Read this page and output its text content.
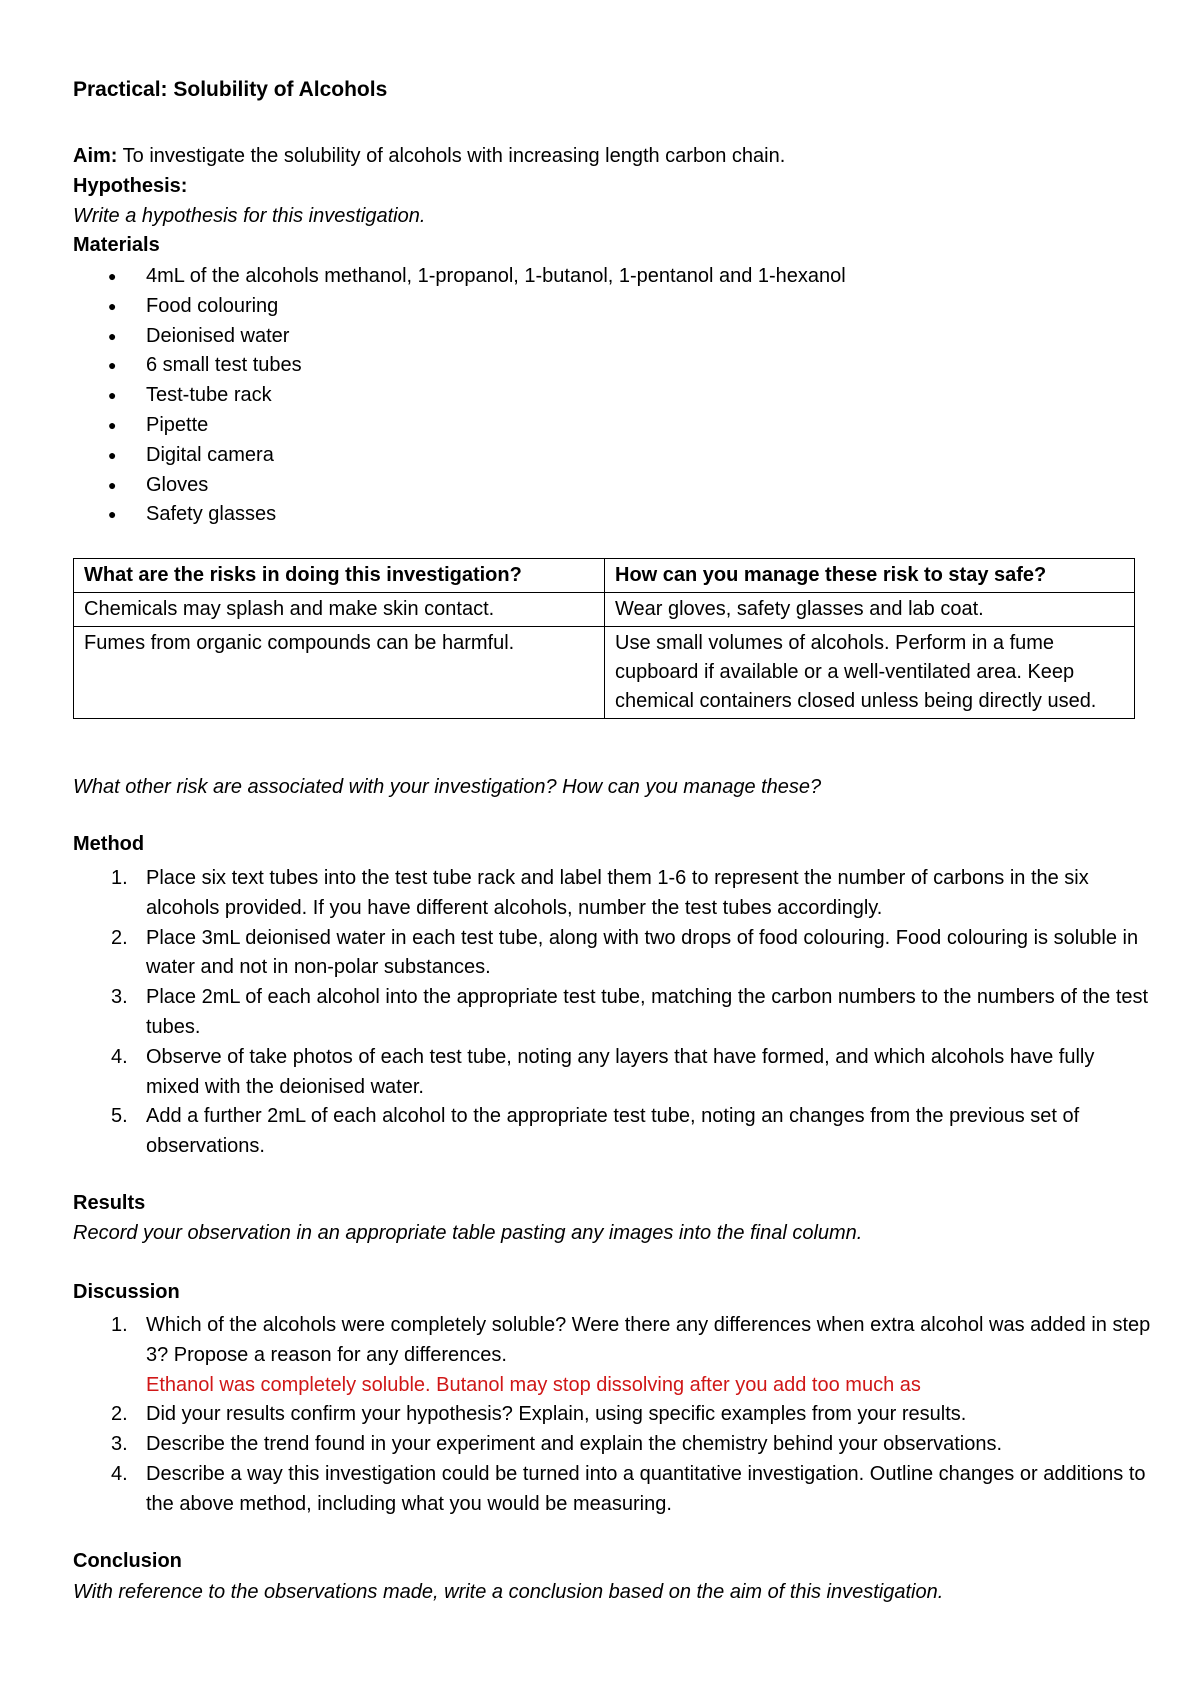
Practical: Solubility of Alcohols

Aim: To investigate the solubility of alcohols with increasing length carbon chain.

Hypothesis:

Write a hypothesis for this investigation.

Materials

● 4mL of the alcohols methanol, 1-propanol, 1-butanol, 1-pentanol and 1-hexanol
● Food colouring
● Deionised water
● 6 small test tubes
● Test-tube rack
● Pipette
● Digital camera
● Gloves
● Safety glasses
What are the risks in doing this investigation?	How can you manage these risk to stay safe?
Chemicals may splash and make skin contact.	Wear gloves, safety glasses and lab coat.
Fumes from organic compounds can be harmful.	Use small volumes of alcohols. Perform in a fume cupboard if available or a well-ventilated area. Keep chemical containers closed unless being directly used.

What other risk are associated with your investigation? How can you manage these?

Method

1. Place six text tubes into the test tube rack and label them 1-6 to represent the number of carbons in the six alcohols provided. If you have different alcohols, number the test tubes accordingly.
2. Place 3mL deionised water in each test tube, along with two drops of food colouring. Food colouring is soluble in water and not in non-polar substances.
3. Place 2mL of each alcohol into the appropriate test tube, matching the carbon numbers to the numbers of the test tubes.
4. Observe of take photos of each test tube, noting any layers that have formed, and which alcohols have fully mixed with the deionised water.
5. Add a further 2mL of each alcohol to the appropriate test tube, noting an changes from the previous set of observations.

Results

Record your observation in an appropriate table pasting any images into the final column.

Discussion

1. Which of the alcohols were completely soluble? Were there any differences when extra alcohol was added in step 3? Propose a reason for any differences.
Ethanol was completely soluble. Butanol may stop dissolving after you add too much as
2. Did your results confirm your hypothesis? Explain, using specific examples from your results.
3. Describe the trend found in your experiment and explain the chemistry behind your observations.
4. Describe a way this investigation could be turned into a quantitative investigation. Outline changes or additions to the above method, including what you would be measuring.

Conclusion

With reference to the observations made, write a conclusion based on the aim of this investigation.
